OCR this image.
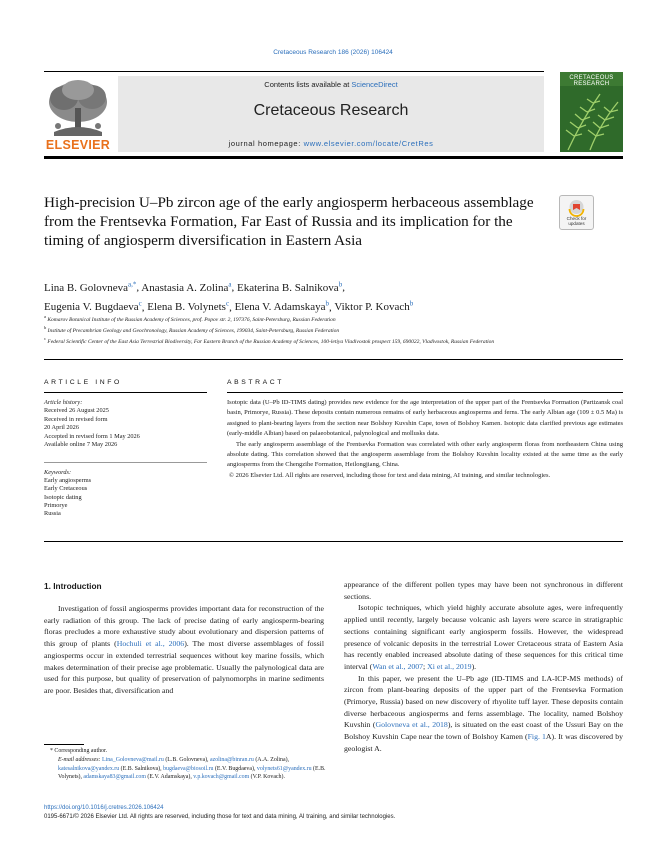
Cretaceous Research 186 (2026) 106424
ELSEVIER
Contents lists available at ScienceDirect
Cretaceous Research
journal homepage: www.elsevier.com/locate/CretRes
CRETACEOUS RESEARCH
High-precision U–Pb zircon age of the early angiosperm herbaceous assemblage from the Frentsevka Formation, Far East of Russia and its implication for the timing of angiosperm diversification in Eastern Asia
Check for updates
Lina B. Golovneva$^{a,*}$, Anastasia A. Zolina$^a$, Ekaterina B. Salnikova$^b$,
Eugenia V. Bugdaeva$^c$, Elena B. Volynets$^c$, Elena V. Adamskaya$^b$, Viktor P. Kovach$^b$
$^a$ Komarov Botanical Institute of the Russian Academy of Sciences, prof. Popov str. 2, 197376, Saint-Petersburg, Russian Federation
$^b$ Institute of Precambrian Geology and Geochronology, Russian Academy of Sciences, 199034, Saint-Petersburg, Russian Federation
$^c$ Federal Scientific Center of the East Asia Terrestrial Biodiversity, Far Eastern Branch of the Russian Academy of Sciences, 100-letiya Vladivostok prospect 159, 690022, Vladivostok, Russian Federation
ARTICLE INFO	ABSTRACT
Article history:
Received 26 August 2025
Received in revised form
20 April 2026
Accepted in revised form 1 May 2026
Available online 7 May 2026
Keywords:
Early angiosperms
Early Cretaceous
Isotopic dating
Primorye
Russia

Isotopic data (U–Pb ID-TIMS dating) provides new evidence for the age interpretation of the upper part of the Frentsevka Formation (Partizansk coal basin, Primorye, Russia). These deposits contain numerous remains of early herbaceous angiosperms and ferns. The early Albian age (109 ± 0.5 Ma) is assigned to plant-bearing layers from the section near Bolshoy Kuvshin Cape, town of Bolshoy Kamen. Isotopic data clarified previous age estimates (early-middle Albian) based on palaeobotanical, palynological and mollusks data.

The early angiosperm assemblage of the Frentsevka Formation was correlated with other early angiosperm floras from northeastern China using absolute dating. This correlation showed that the angiosperm assemblage from the Bolshoy Kuvshin locality existed at the same time as the early angiosperms from the Chengzihe Formation, Heilongjiang, China.

© 2026 Elsevier Ltd. All rights are reserved, including those for text and data mining, AI training, and similar technologies.

1. Introduction

Investigation of fossil angiosperms provides important data for reconstruction of the early radiation of this group. The lack of precise dating of early angiosperm-bearing floras precludes a more exhaustive study about evolutionary and dispersion patterns of this group of plants (Hochuli et al., 2006). The most diverse assemblages of fossil angiosperms occur in extended terrestrial sequences without key marine fossils, which makes determination of their precise age problematic. Usually the palynological data are used for this purpose, but quality of preservation of palynomorphs in marine sediments are poor. Besides that, diversification and

appearance of the different pollen types may have been not synchronous in different sections.

Isotopic techniques, which yield highly accurate absolute ages, were infrequently applied until recently, largely because volcanic ash layers were scarce in stratigraphic sections containing significant early angiosperm fossils. However, the widespread presence of volcanic deposits in the terrestrial Lower Cretaceous strata of Eastern Asia has recently enabled increased absolute dating of these sequences for this critical time interval (Wan et al., 2007; Xi et al., 2019).

In this paper, we present the U–Pb age (ID-TIMS and LA-ICP-MS methods) of zircon from plant-bearing deposits of the upper part of the Frentsevka Formation (Primorye, Russia) based on new discovery of rhyolite tuff layer. These deposits contain diverse herbaceous angiosperms and ferns assemblage. The locality, named Bolshoy Kuvshin (Golovneva et al., 2018), is situated on the east coast of the Ussuri Bay on the Bolshoy Kuvshin Cape near the town of Bolshoy Kamen (Fig. 1A). It was discovered by geologist A.

* Corresponding author.
E-mail addresses: Lina_Golovneva@mail.ru (L.B. Golovneva), azolina@binran.ru (A.A. Zolina), katesalnikova@yandex.ru (E.B. Salnikova), bugdaeva@biosoil.ru (E.V. Bugdaeva), volynets61@yandex.ru (E.B. Volynets), adamskaya83@gmail.com (E.V. Adamskaya), v.p.kovach@gmail.com (V.P. Kovach).
https://doi.org/10.1016/j.cretres.2026.106424
0195-6671/© 2026 Elsevier Ltd. All rights are reserved, including those for text and data mining, AI training, and similar technologies.
